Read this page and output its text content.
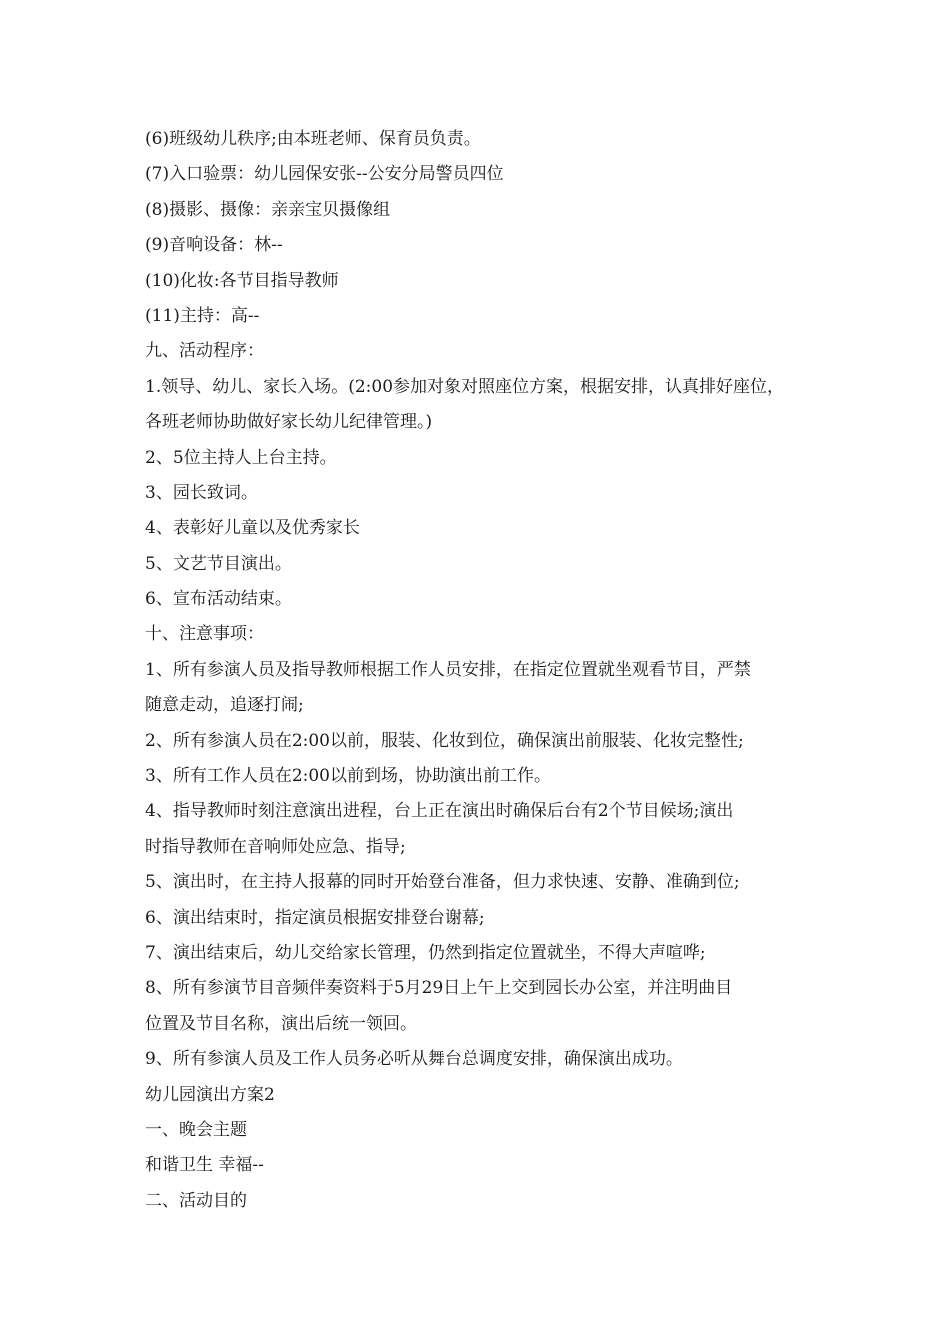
(6)班级幼儿秩序;由本班老师、保育员负责。
(7)入口验票：幼儿园保安张--公安分局警员四位
(8)摄影、摄像：亲亲宝贝摄像组
(9)音响设备：林--
(10)化妆:各节目指导教师
(11)主持：高--
九、活动程序：
1.领导、幼儿、家长入场。(2:00参加对象对照座位方案，根据安排，认真排好座位，
各班老师协助做好家长幼儿纪律管理。)
2、5位主持人上台主持。
3、园长致词。
4、表彰好儿童以及优秀家长
5、文艺节目演出。
6、宣布活动结束。
十、注意事项：
1、所有参演人员及指导教师根据工作人员安排，在指定位置就坐观看节目，严禁
随意走动，追逐打闹;
2、所有参演人员在2:00以前，服装、化妆到位，确保演出前服装、化妆完整性;
3、所有工作人员在2:00以前到场，协助演出前工作。
4、指导教师时刻注意演出进程，台上正在演出时确保后台有2个节目候场;演出
时指导教师在音响师处应急、指导;
5、演出时，在主持人报幕的同时开始登台准备，但力求快速、安静、准确到位;
6、演出结束时，指定演员根据安排登台谢幕;
7、演出结束后，幼儿交给家长管理，仍然到指定位置就坐，不得大声喧哗;
8、所有参演节目音频伴奏资料于5月29日上午上交到园长办公室，并注明曲目
位置及节目名称，演出后统一领回。
9、所有参演人员及工作人员务必听从舞台总调度安排，确保演出成功。
幼儿园演出方案2
一、晚会主题
和谐卫生 幸福--
二、活动目的
